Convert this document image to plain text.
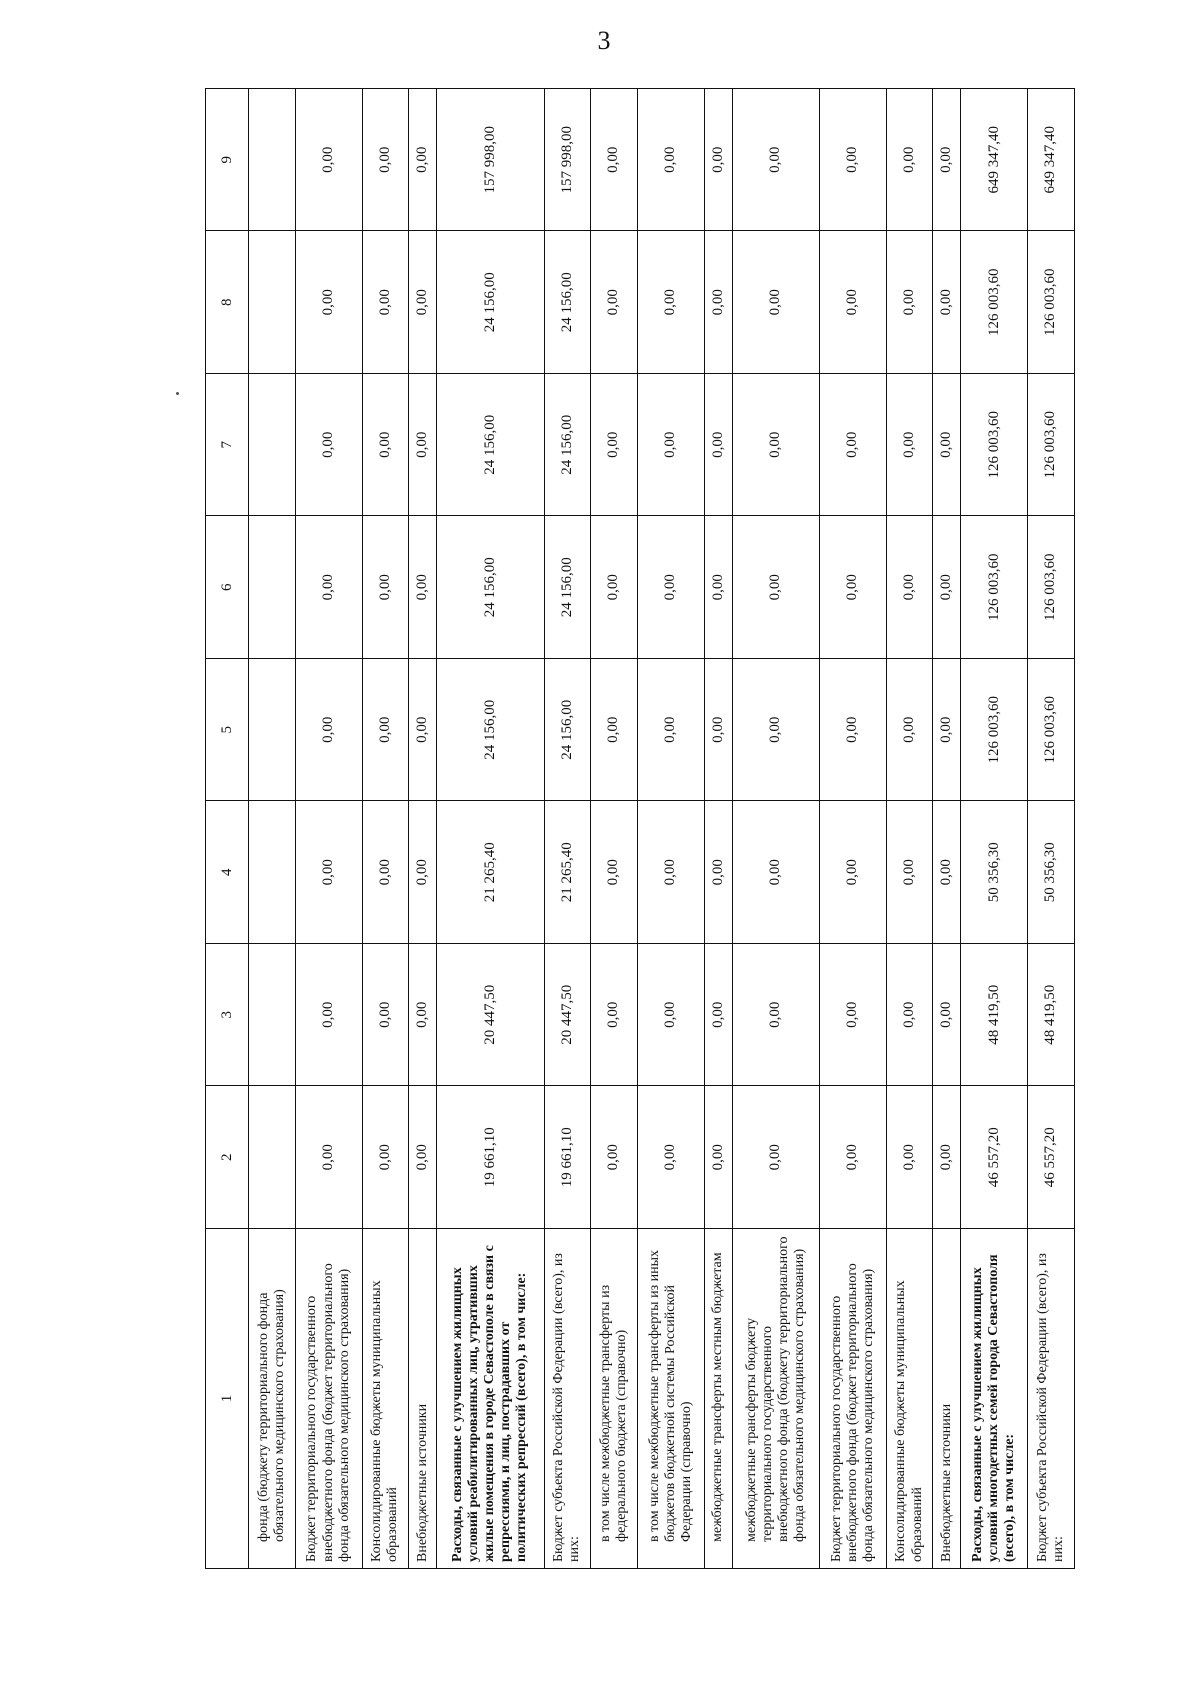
3
1	2	3	4	5	6	7	8	9
фонда (бюджету территориального фонда обязательного медицинского страхования)								
Бюджет территориального государственного внебюджетного фонда (бюджет территориального фонда обязательного медицинского страхования)	0,00	0,00	0,00	0,00	0,00	0,00	0,00	0,00
Консолидированные бюджеты муниципальных образований	0,00	0,00	0,00	0,00	0,00	0,00	0,00	0,00
Внебюджетные источники	0,00	0,00	0,00	0,00	0,00	0,00	0,00	0,00
Расходы, связанные с улучшением жилищных условий реабилитированных лиц, утративших жилые помещения в городе Севастополе в связи с репрессиями, и лиц, пострадавших от политических репрессий (всего), в том числе:	19 661,10	20 447,50	21 265,40	24 156,00	24 156,00	24 156,00	24 156,00	157 998,00
Бюджет субъекта Российской Федерации (всего), из них:	19 661,10	20 447,50	21 265,40	24 156,00	24 156,00	24 156,00	24 156,00	157 998,00
в том числе межбюджетные трансферты из федерального бюджета (справочно)	0,00	0,00	0,00	0,00	0,00	0,00	0,00	0,00
в том числе межбюджетные трансферты из иных бюджетов бюджетной системы Российской Федерации (справочно)	0,00	0,00	0,00	0,00	0,00	0,00	0,00	0,00
межбюджетные трансферты местным бюджетам	0,00	0,00	0,00	0,00	0,00	0,00	0,00	0,00
межбюджетные трансферты бюджету территориального государственного внебюджетного фонда (бюджету территориального фонда обязательного медицинского страхования)	0,00	0,00	0,00	0,00	0,00	0,00	0,00	0,00
Бюджет территориального государственного внебюджетного фонда (бюджет территориального фонда обязательного медицинского страхования)	0,00	0,00	0,00	0,00	0,00	0,00	0,00	0,00
Консолидированные бюджеты муниципальных образований	0,00	0,00	0,00	0,00	0,00	0,00	0,00	0,00
Внебюджетные источники	0,00	0,00	0,00	0,00	0,00	0,00	0,00	0,00
Расходы, связанные с улучшением жилищных условий многодетных семей города Севастополя (всего), в том числе:	46 557,20	48 419,50	50 356,30	126 003,60	126 003,60	126 003,60	126 003,60	649 347,40
Бюджет субъекта Российской Федерации (всего), из них:	46 557,20	48 419,50	50 356,30	126 003,60	126 003,60	126 003,60	126 003,60	649 347,40
